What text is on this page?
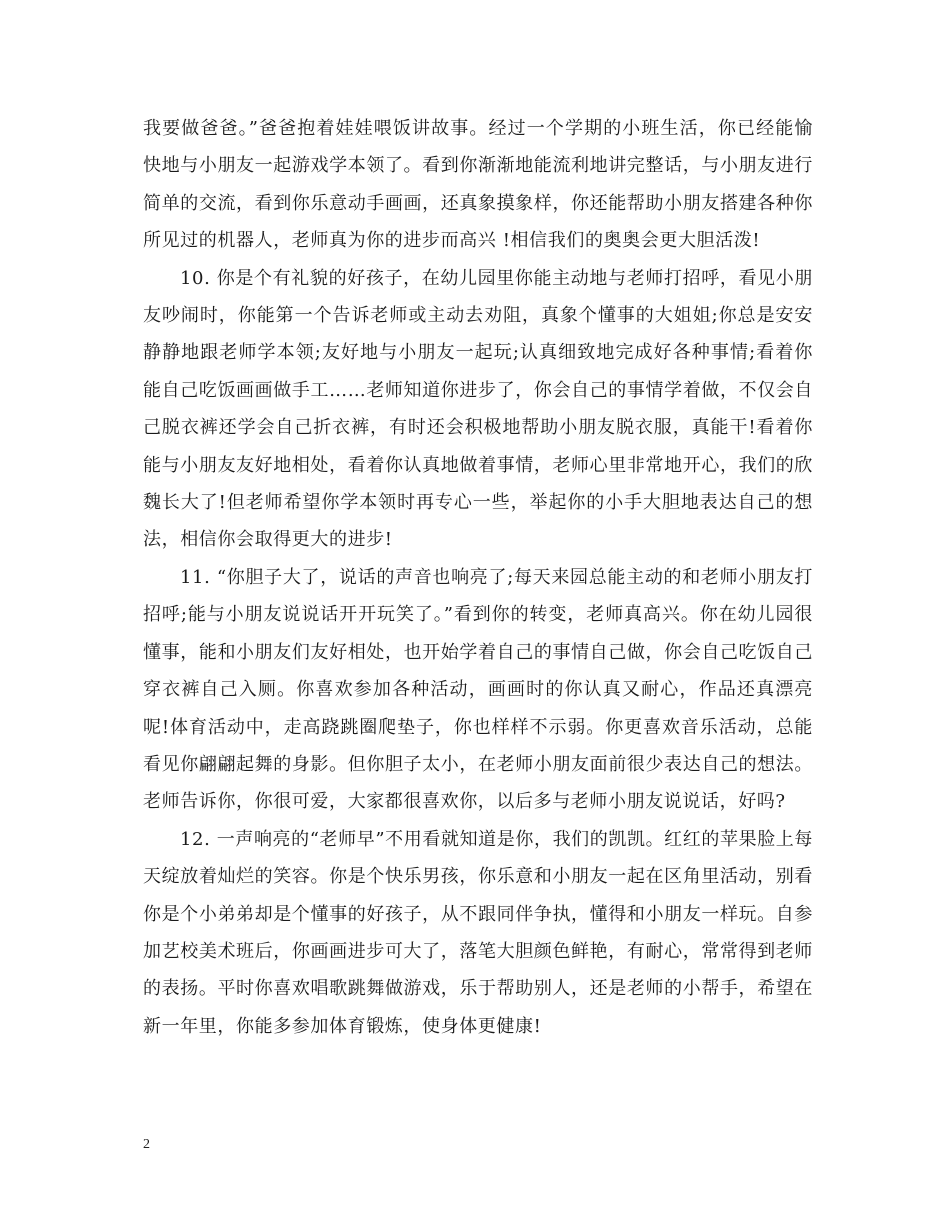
我要做爸爸。”爸爸抱着娃娃喂饭讲故事。经过一个学期的小班生活，你已经能愉快地与小朋友一起游戏学本领了。看到你渐渐地能流利地讲完整话，与小朋友进行简单的交流，看到你乐意动手画画，还真象摸象样，你还能帮助小朋友搭建各种你所见过的机器人，老师真为你的进步而高兴 !相信我们的奥奥会更大胆活泼!

10. 你是个有礼貌的好孩子，在幼儿园里你能主动地与老师打招呼，看见小朋友吵闹时，你能第一个告诉老师或主动去劝阻，真象个懂事的大姐姐;你总是安安静静地跟老师学本领;友好地与小朋友一起玩;认真细致地完成好各种事情;看着你能自己吃饭画画做手工……老师知道你进步了，你会自己的事情学着做，不仅会自己脱衣裤还学会自己折衣裤，有时还会积极地帮助小朋友脱衣服，真能干!看着你能与小朋友友好地相处，看着你认真地做着事情，老师心里非常地开心，我们的欣魏长大了!但老师希望你学本领时再专心一些，举起你的小手大胆地表达自己的想法，相信你会取得更大的进步!

11. “你胆子大了，说话的声音也响亮了;每天来园总能主动的和老师小朋友打招呼;能与小朋友说说话开开玩笑了。”看到你的转变，老师真高兴。你在幼儿园很懂事，能和小朋友们友好相处，也开始学着自己的事情自己做，你会自己吃饭自己穿衣裤自己入厕。你喜欢参加各种活动，画画时的你认真又耐心，作品还真漂亮呢!体育活动中，走高跷跳圈爬垫子，你也样样不示弱。你更喜欢音乐活动，总能看见你翩翩起舞的身影。但你胆子太小，在老师小朋友面前很少表达自己的想法。老师告诉你，你很可爱，大家都很喜欢你，以后多与老师小朋友说说话，好吗?

12. 一声响亮的“老师早”不用看就知道是你，我们的凯凯。红红的苹果脸上每天绽放着灿烂的笑容。你是个快乐男孩，你乐意和小朋友一起在区角里活动，别看你是个小弟弟却是个懂事的好孩子，从不跟同伴争执，懂得和小朋友一样玩。自参加艺校美术班后，你画画进步可大了，落笔大胆颜色鲜艳，有耐心，常常得到老师的表扬。平时你喜欢唱歌跳舞做游戏，乐于帮助别人，还是老师的小帮手，希望在新一年里，你能多参加体育锻炼，使身体更健康!

2
